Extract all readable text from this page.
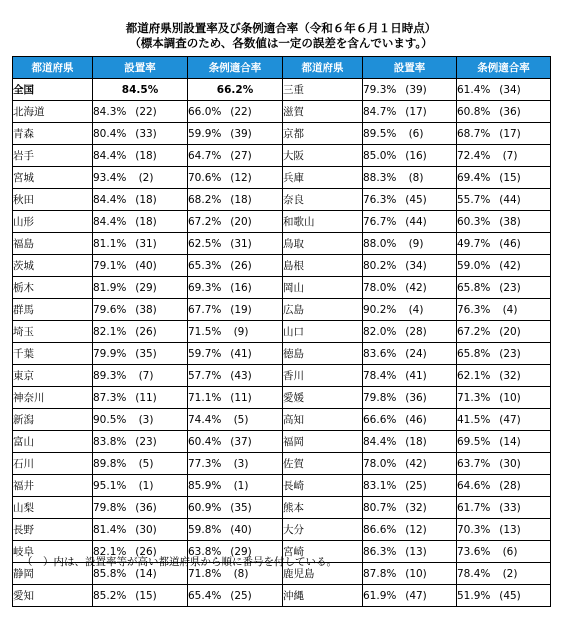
都道府県別設置率及び条例適合率（令和６年６月１日時点）
（標本調査のため、各数値は一定の誤差を含んでいます。）
都道府県	設置率	条例適合率	都道府県	設置率	条例適合率
全国	84.5%	66.2%	三重	79.3% (39)	61.4% (34)
北海道	84.3% (22)	66.0% (22)	滋賀	84.7% (17)	60.8% (36)
青森	80.4% (33)	59.9% (39)	京都	89.5% (6)	68.7% (17)
岩手	84.4% (18)	64.7% (27)	大阪	85.0% (16)	72.4% (7)
宮城	93.4% (2)	70.6% (12)	兵庫	88.3% (8)	69.4% (15)
秋田	84.4% (18)	68.2% (18)	奈良	76.3% (45)	55.7% (44)
山形	84.4% (18)	67.2% (20)	和歌山	76.7% (44)	60.3% (38)
福島	81.1% (31)	62.5% (31)	鳥取	88.0% (9)	49.7% (46)
茨城	79.1% (40)	65.3% (26)	島根	80.2% (34)	59.0% (42)
栃木	81.9% (29)	69.3% (16)	岡山	78.0% (42)	65.8% (23)
群馬	79.6% (38)	67.7% (19)	広島	90.2% (4)	76.3% (4)
埼玉	82.1% (26)	71.5% (9)	山口	82.0% (28)	67.2% (20)
千葉	79.9% (35)	59.7% (41)	徳島	83.6% (24)	65.8% (23)
東京	89.3% (7)	57.7% (43)	香川	78.4% (41)	62.1% (32)
神奈川	87.3% (11)	71.1% (11)	愛媛	79.8% (36)	71.3% (10)
新潟	90.5% (3)	74.4% (5)	高知	66.6% (46)	41.5% (47)
富山	83.8% (23)	60.4% (37)	福岡	84.4% (18)	69.5% (14)
石川	89.8% (5)	77.3% (3)	佐賀	78.0% (42)	63.7% (30)
福井	95.1% (1)	85.9% (1)	長崎	83.1% (25)	64.6% (28)
山梨	79.8% (36)	60.9% (35)	熊本	80.7% (32)	61.7% (33)
長野	81.4% (30)	59.8% (40)	大分	86.6% (12)	70.3% (13)
岐阜	82.1% (26)	63.8% (29)	宮崎	86.3% (13)	73.6% (6)
静岡	85.8% (14)	71.8% (8)	鹿児島	87.8% (10)	78.4% (2)
愛知	85.2% (15)	65.4% (25)	沖縄	61.9% (47)	51.9% (45)
（　）内は、設置率等が高い都道府県から順に番号を付している。
